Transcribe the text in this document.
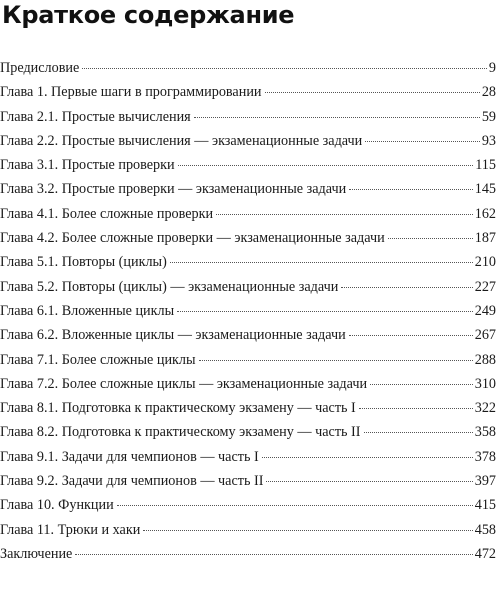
Краткое содержание
Предисловие	9
Глава 1. Первые шаги в программировании	28
Глава 2.1. Простые вычисления	59
Глава 2.2. Простые вычисления — экзаменационные задачи	93
Глава 3.1. Простые проверки	115
Глава 3.2. Простые проверки — экзаменационные задачи	145
Глава 4.1. Более сложные проверки	162
Глава 4.2. Более сложные проверки — экзаменационные задачи	187
Глава 5.1. Повторы (циклы)	210
Глава 5.2. Повторы (циклы) — экзаменационные задачи	227
Глава 6.1. Вложенные циклы	249
Глава 6.2. Вложенные циклы — экзаменационные задачи	267
Глава 7.1. Более сложные циклы	288
Глава 7.2. Более сложные циклы — экзаменационные задачи	310
Глава 8.1. Подготовка к практическому экзамену — часть I	322
Глава 8.2. Подготовка к практическому экзамену — часть II	358
Глава 9.1. Задачи для чемпионов — часть I	378
Глава 9.2. Задачи для чемпионов — часть II	397
Глава 10. Функции	415
Глава 11. Трюки и хаки	458
Заключение	472
